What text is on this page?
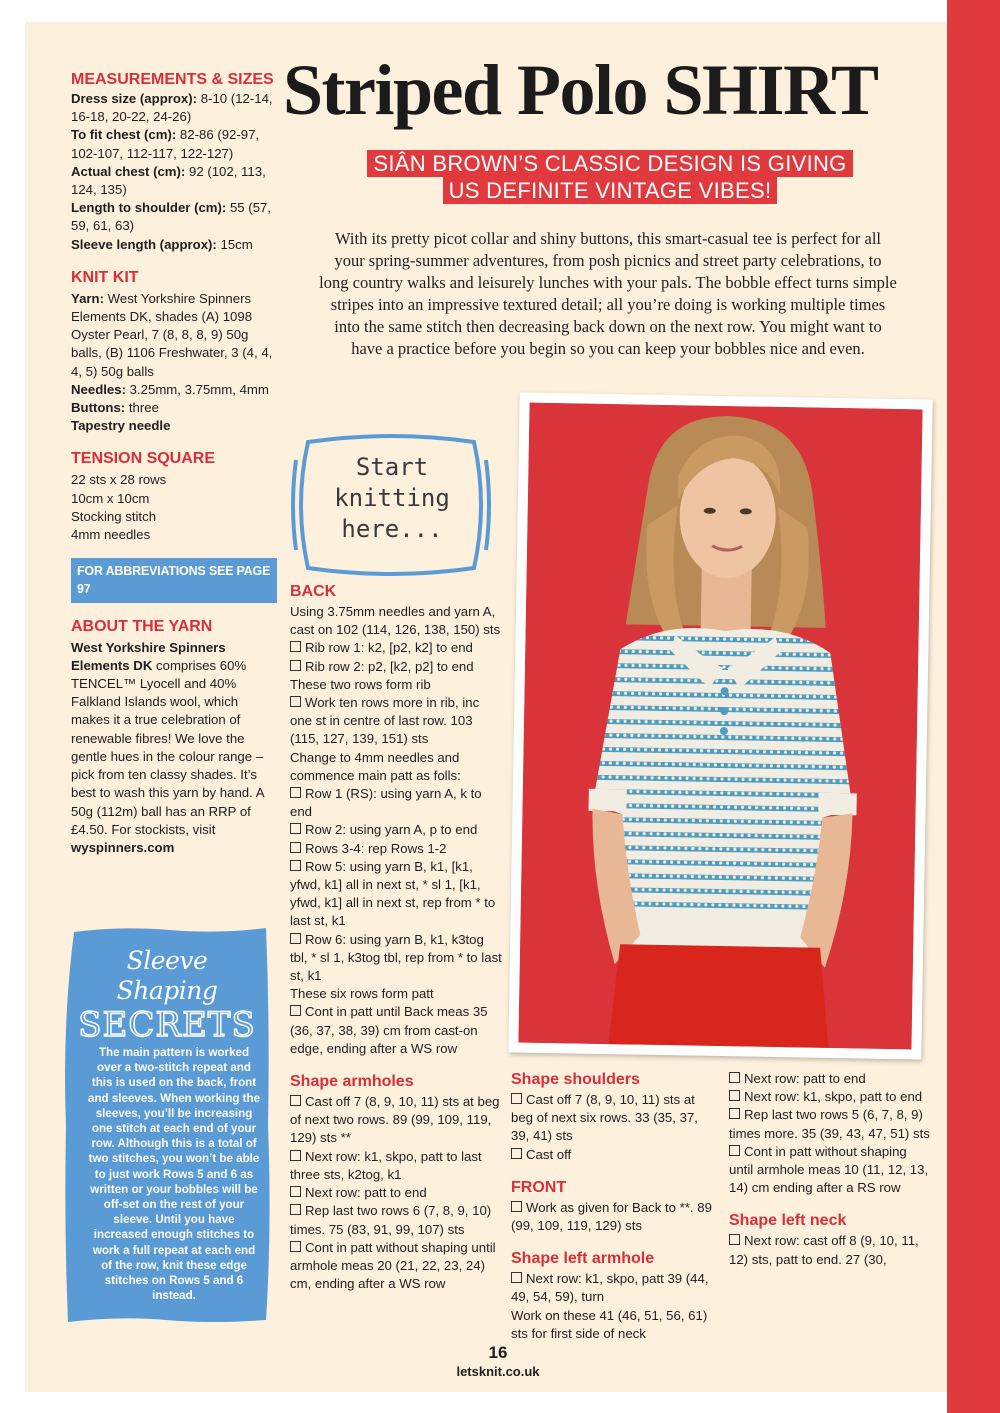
MEASUREMENTS & SIZES

Dress size (approx): 8-10 (12-14, 16-18, 20-22, 24-26)

To fit chest (cm): 82-86 (92-97, 102-107, 112-117, 122-127)

Actual chest (cm): 92 (102, 113, 124, 135)

Length to shoulder (cm): 55 (57, 59, 61, 63)

Sleeve length (approx): 15cm

KNIT KIT

Yarn: West Yorkshire Spinners Elements DK, shades (A) 1098 Oyster Pearl, 7 (8, 8, 8, 9) 50g balls, (B) 1106 Freshwater, 3 (4, 4, 4, 5) 50g balls

Needles: 3.25mm, 3.75mm, 4mm

Buttons: three

Tapestry needle

TENSION SQUARE

22 sts x 28 rows

10cm x 10cm

Stocking stitch

4mm needles

FOR ABBREVIATIONS SEE PAGE 97
ABOUT THE YARN

West Yorkshire Spinners Elements DK comprises 60% TENCEL™ Lyocell and 40% Falkland Islands wool, which makes it a true celebration of renewable fibres! We love the gentle hues in the colour range – pick from ten classy shades. It’s best to wash this yarn by hand. A 50g (112m) ball has an RRP of £4.50. For stockists, visit wyspinners.com

Sleeve Shaping
SECRETS
The main pattern is worked over a two-stitch repeat and this is used on the back, front and sleeves. When working the sleeves, you’ll be increasing one stitch at each end of your row. Although this is a total of two stitches, you won’t be able to just work Rows 5 and 6 as written or your bobbles will be off-set on the rest of your sleeve. Until you have increased enough stitches to work a full repeat at each end of the row, knit these edge stitches on Rows 5 and 6 instead.
Striped Polo SHIRT
SIÂN BROWN’S CLASSIC DESIGN IS GIVING US DEFINITE VINTAGE VIBES!
With its pretty picot collar and shiny buttons, this smart-casual tee is perfect for all your spring-summer adventures, from posh picnics and street party celebrations, to long country walks and leisurely lunches with your pals. The bobble effect turns simple stripes into an impressive textured detail; all you’re doing is working multiple times into the same stitch then decreasing back down on the next row. You might want to have a practice before you begin so you can keep your bobbles nice and even.
Start
knitting
here...
BACK

Using 3.75mm needles and yarn A, cast on 102 (114, 126, 138, 150) sts

Rib row 1: k2, [p2, k2] to end

Rib row 2: p2, [k2, p2] to end

These two rows form rib

Work ten rows more in rib, inc one st in centre of last row. 103 (115, 127, 139, 151) sts

Change to 4mm needles and commence main patt as folls:

Row 1 (RS): using yarn A, k to end

Row 2: using yarn A, p to end

Rows 3-4: rep Rows 1-2

Row 5: using yarn B, k1, [k1, yfwd, k1] all in next st, * sl 1, [k1, yfwd, k1] all in next st, rep from * to last st, k1

Row 6: using yarn B, k1, k3tog tbl, * sl 1, k3tog tbl, rep from * to last st, k1

These six rows form patt

Cont in patt until Back meas 35 (36, 37, 38, 39) cm from cast-on edge, ending after a WS row

Shape armholes

Cast off 7 (8, 9, 10, 11) sts at beg of next two rows. 89 (99, 109, 119, 129) sts **

Next row: k1, skpo, patt to last three sts, k2tog, k1

Next row: patt to end

Rep last two rows 6 (7, 8, 9, 10) times. 75 (83, 91, 99, 107) sts

Cont in patt without shaping until armhole meas 20 (21, 22, 23, 24) cm, ending after a WS row

Shape shoulders

Cast off 7 (8, 9, 10, 11) sts at beg of next six rows. 33 (35, 37, 39, 41) sts

Cast off

FRONT

Work as given for Back to **. 89 (99, 109, 119, 129) sts

Shape left armhole

Next row: k1, skpo, patt 39 (44, 49, 54, 59), turn

Work on these 41 (46, 51, 56, 61) sts for first side of neck

Next row: patt to end

Next row: k1, skpo, patt to end

Rep last two rows 5 (6, 7, 8, 9) times more. 35 (39, 43, 47, 51) sts

Cont in patt without shaping until armhole meas 10 (11, 12, 13, 14) cm ending after a RS row

Shape left neck

Next row: cast off 8 (9, 10, 11, 12) sts, patt to end. 27 (30,

16
letsknit.co.uk
